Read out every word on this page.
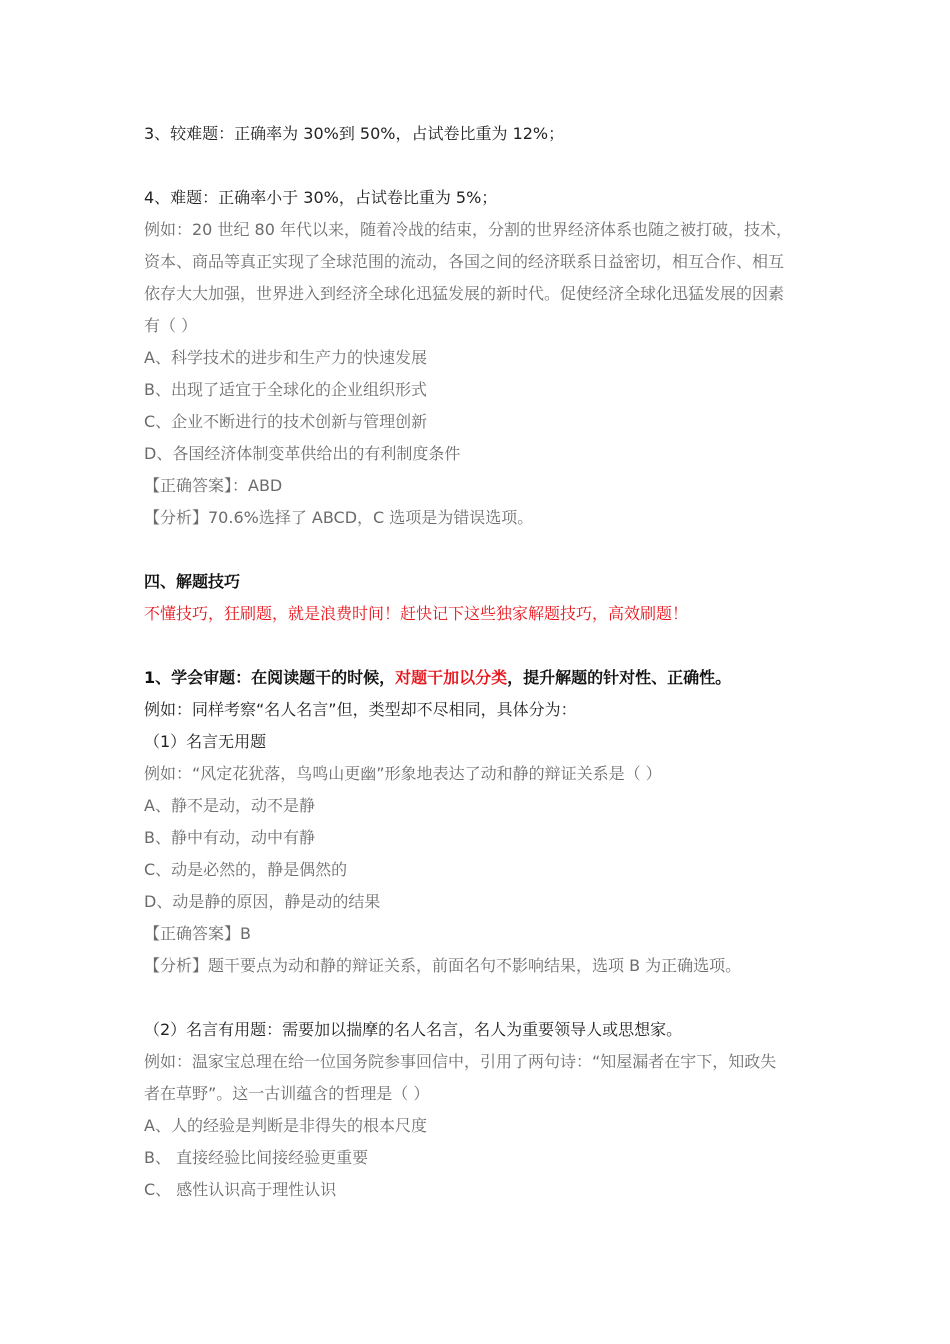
3、较难题：正确率为 30%到 50%，占试卷比重为 12%；
4、难题：正确率小于 30%，占试卷比重为 5%；
例如：20 世纪 80 年代以来，随着冷战的结束，分割的世界经济体系也随之被打破，技术，
资本、商品等真正实现了全球范围的流动，各国之间的经济联系日益密切，相互合作、相互
依存大大加强，世界进入到经济全球化迅猛发展的新时代。促使经济全球化迅猛发展的因素
有（ ）
A、科学技术的进步和生产力的快速发展
B、出现了适宜于全球化的企业组织形式
C、企业不断进行的技术创新与管理创新
D、各国经济体制变革供给出的有利制度条件
【正确答案】：ABD
【分析】70.6%选择了 ABCD，C 选项是为错误选项。
四、解题技巧
不懂技巧，狂刷题，就是浪费时间！赶快记下这些独家解题技巧，高效刷题！
1、学会审题：在阅读题干的时候，对题干加以分类，提升解题的针对性、正确性。
例如：同样考察“名人名言”但，类型却不尽相同，具体分为：
（1）名言无用题
例如：“风定花犹落，鸟鸣山更幽”形象地表达了动和静的辩证关系是（ ）
A、静不是动，动不是静
B、静中有动，动中有静
C、动是必然的，静是偶然的
D、动是静的原因，静是动的结果
【正确答案】B
【分析】题干要点为动和静的辩证关系，前面名句不影响结果，选项 B 为正确选项。
（2）名言有用题：需要加以揣摩的名人名言，名人为重要领导人或思想家。
例如：温家宝总理在给一位国务院参事回信中，引用了两句诗：“知屋漏者在宇下，知政失
者在草野”。这一古训蕴含的哲理是（ ）
A、人的经验是判断是非得失的根本尺度
B、 直接经验比间接经验更重要
C、 感性认识高于理性认识
